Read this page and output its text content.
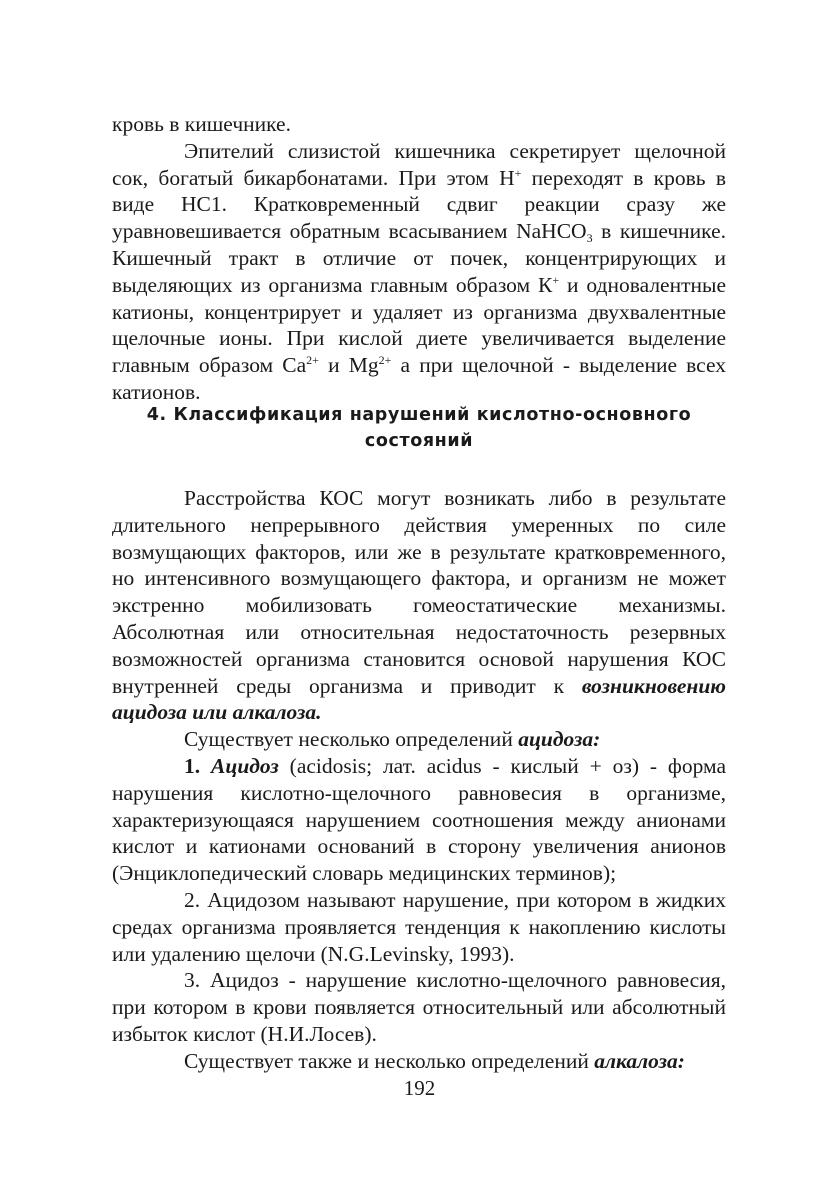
кровь в кишечнике.

Эпителий слизистой кишечника секретирует щелочной сок, богатый бикарбонатами. При этом Н+ переходят в кровь в виде НС1. Кратковременный сдвиг реакции сразу же уравновешивается обратным всасыванием NaHCO$_3$ в кишечнике. Кишечный тракт в отличие от почек, концентрирующих и выделяющих из организма главным образом К+ и одновалентные катионы, концентрирует и удаляет из организма двухвалентные щелочные ионы. При кислой диете увеличивается выделение главным образом $Са^{2+}$ и $Mg^{2+}$ а при щелочной - выделение всех катионов.

4. Классификация нарушений кислотно-основного
состояний

Расстройства КОС могут возникать либо в результате длительного непрерывного действия умеренных по силе возмущающих факторов, или же в результате кратковременного, но интенсивного возмущающего фактора, и организм не может экстренно мобилизовать гомеостатические механизмы. Абсолютная или относительная недостаточность резервных возможностей организма становится основой нарушения КОС внутренней среды организма и приводит к возникновению ацидоза или алкалоза.

Существует несколько определений ацидоза:

1. Ацидоз (acidosis; лат. acidus - кислый + оз) - форма нарушения кислотно-щелочного равновесия в организме, характеризующаяся нарушением соотношения между анионами кислот и катионами оснований в сторону увеличения анионов (Энциклопедический словарь медицинских терминов);

2. Ацидозом называют нарушение, при котором в жидких средах организма проявляется тенденция к накоплению кислоты или удалению щелочи (N.G.Levinsky, 1993).

3. Ацидоз - нарушение кислотно-щелочного равновесия, при котором в крови появляется относительный или абсолютный избыток кислот (Н.И.Лосев).

Существует также и несколько определений алкалоза:

192
